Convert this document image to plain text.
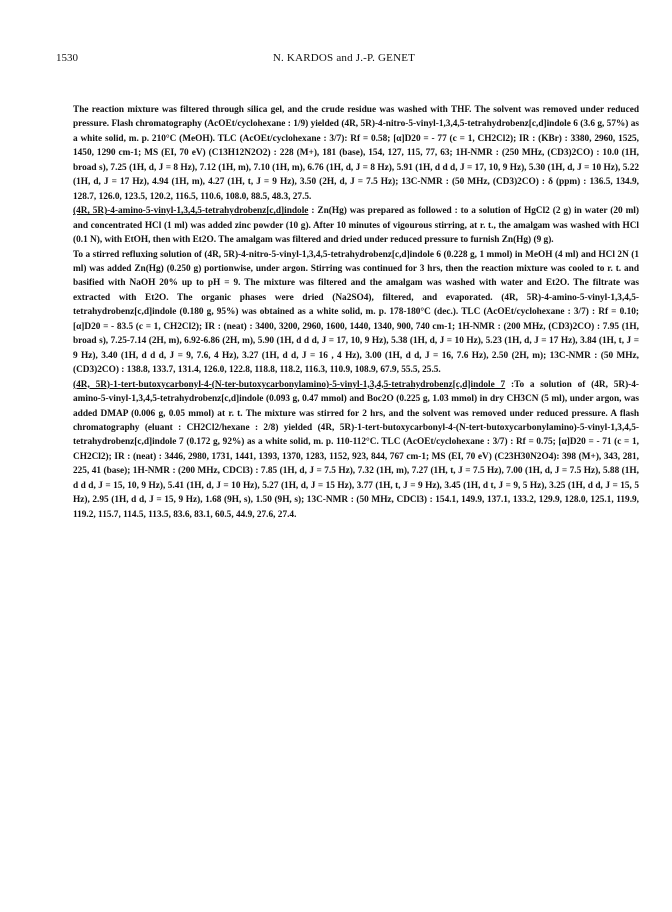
1530	N. KARDOS and J.-P. GENET

The reaction mixture was filtered through silica gel, and the crude residue was washed with THF. The solvent was removed under reduced pressure. Flash chromatography (AcOEt/cyclohexane : 1/9) yielded (4R, 5R)-4-nitro-5-vinyl-1,3,4,5-tetrahydrobenz[c,d]indole 6 (3.6 g, 57%) as a white solid, m. p. 210°C (MeOH). TLC (AcOEt/cyclohexane : 3/7): Rf = 0.58; [α]D20 = - 77 (c = 1, CH2Cl2); IR : (KBr) : 3380, 2960, 1525, 1450, 1290 cm-1; MS (EI, 70 eV) (C13H12N2O2) : 228 (M+), 181 (base), 154, 127, 115, 77, 63; 1H-NMR : (250 MHz, (CD3)2CO) : 10.0 (1H, broad s), 7.25 (1H, d, J = 8 Hz), 7.12 (1H, m), 7.10 (1H, m), 6.76 (1H, d, J = 8 Hz), 5.91 (1H, d d d, J = 17, 10, 9 Hz), 5.30 (1H, d, J = 10 Hz), 5.22 (1H, d, J = 17 Hz), 4.94 (1H, m), 4.27 (1H, t, J = 9 Hz), 3.50 (2H, d, J = 7.5 Hz); 13C-NMR : (50 MHz, (CD3)2CO) : δ (ppm) : 136.5, 134.9, 128.7, 126.0, 123.5, 120.2, 116.5, 110.6, 108.0, 88.5, 48.3, 27.5.

(4R, 5R)-4-amino-5-vinyl-1,3,4,5-tetrahydrobenz[c,d]indole : Zn(Hg) was prepared as followed : to a solution of HgCl2 (2 g) in water (20 ml) and concentrated HCl (1 ml) was added zinc powder (10 g). After 10 minutes of vigourous stirring, at r. t., the amalgam was washed with HCl (0.1 N), with EtOH, then with Et2O. The amalgam was filtered and dried under reduced pressure to furnish Zn(Hg) (9 g).

To a stirred refluxing solution of (4R, 5R)-4-nitro-5-vinyl-1,3,4,5-tetrahydrobenz[c,d]indole 6 (0.228 g, 1 mmol) in MeOH (4 ml) and HCl 2N (1 ml) was added Zn(Hg) (0.250 g) portionwise, under argon. Stirring was continued for 3 hrs, then the reaction mixture was cooled to r. t. and basified with NaOH 20% up to pH = 9. The mixture was filtered and the amalgam was washed with water and Et2O. The filtrate was extracted with Et2O. The organic phases were dried (Na2SO4), filtered, and evaporated. (4R, 5R)-4-amino-5-vinyl-1,3,4,5-tetrahydrobenz[c,d]indole (0.180 g, 95%) was obtained as a white solid, m. p. 178-180°C (dec.). TLC (AcOEt/cyclohexane : 3/7) : Rf = 0.10; [α]D20 = - 83.5 (c = 1, CH2Cl2); IR : (neat) : 3400, 3200, 2960, 1600, 1440, 1340, 900, 740 cm-1; 1H-NMR : (200 MHz, (CD3)2CO) : 7.95 (1H, broad s), 7.25-7.14 (2H, m), 6.92-6.86 (2H, m), 5.90 (1H, d d d, J = 17, 10, 9 Hz), 5.38 (1H, d, J = 10 Hz), 5.23 (1H, d, J = 17 Hz), 3.84 (1H, t, J = 9 Hz), 3.40 (1H, d d d, J = 9, 7.6, 4 Hz), 3.27 (1H, d d, J = 16 , 4 Hz), 3.00 (1H, d d, J = 16, 7.6 Hz), 2.50 (2H, m); 13C-NMR : (50 MHz, (CD3)2CO) : 138.8, 133.7, 131.4, 126.0, 122.8, 118.8, 118.2, 116.3, 110.9, 108.9, 67.9, 55.5, 25.5.

(4R, 5R)-1-tert-butoxycarbonyl-4-(N-ter-butoxycarbonylamino)-5-vinyl-1,3,4,5-tetrahydrobenz[c,d]indole 7 :To a solution of (4R, 5R)-4-amino-5-vinyl-1,3,4,5-tetrahydrobenz[c,d]indole (0.093 g, 0.47 mmol) and Boc2O (0.225 g, 1.03 mmol) in dry CH3CN (5 ml), under argon, was added DMAP (0.006 g, 0.05 mmol) at r. t. The mixture was stirred for 2 hrs, and the solvent was removed under reduced pressure. A flash chromatography (eluant : CH2Cl2/hexane : 2/8) yielded (4R, 5R)-1-tert-butoxycarbonyl-4-(N-tert-butoxycarbonylamino)-5-vinyl-1,3,4,5-tetrahydrobenz[c,d]indole 7 (0.172 g, 92%) as a white solid, m. p. 110-112°C. TLC (AcOEt/cyclohexane : 3/7) : Rf = 0.75; [α]D20 = - 71 (c = 1, CH2Cl2); IR : (neat) : 3446, 2980, 1731, 1441, 1393, 1370, 1283, 1152, 923, 844, 767 cm-1; MS (EI, 70 eV) (C23H30N2O4): 398 (M+), 343, 281, 225, 41 (base); 1H-NMR : (200 MHz, CDCl3) : 7.85 (1H, d, J = 7.5 Hz), 7.32 (1H, m), 7.27 (1H, t, J = 7.5 Hz), 7.00 (1H, d, J = 7.5 Hz), 5.88 (1H, d d d, J = 15, 10, 9 Hz), 5.41 (1H, d, J = 10 Hz), 5.27 (1H, d, J = 15 Hz), 3.77 (1H, t, J = 9 Hz), 3.45 (1H, d t, J = 9, 5 Hz), 3.25 (1H, d d, J = 15, 5 Hz), 2.95 (1H, d d, J = 15, 9 Hz), 1.68 (9H, s), 1.50 (9H, s); 13C-NMR : (50 MHz, CDCl3) : 154.1, 149.9, 137.1, 133.2, 129.9, 128.0, 125.1, 119.9, 119.2, 115.7, 114.5, 113.5, 83.6, 83.1, 60.5, 44.9, 27.6, 27.4.
